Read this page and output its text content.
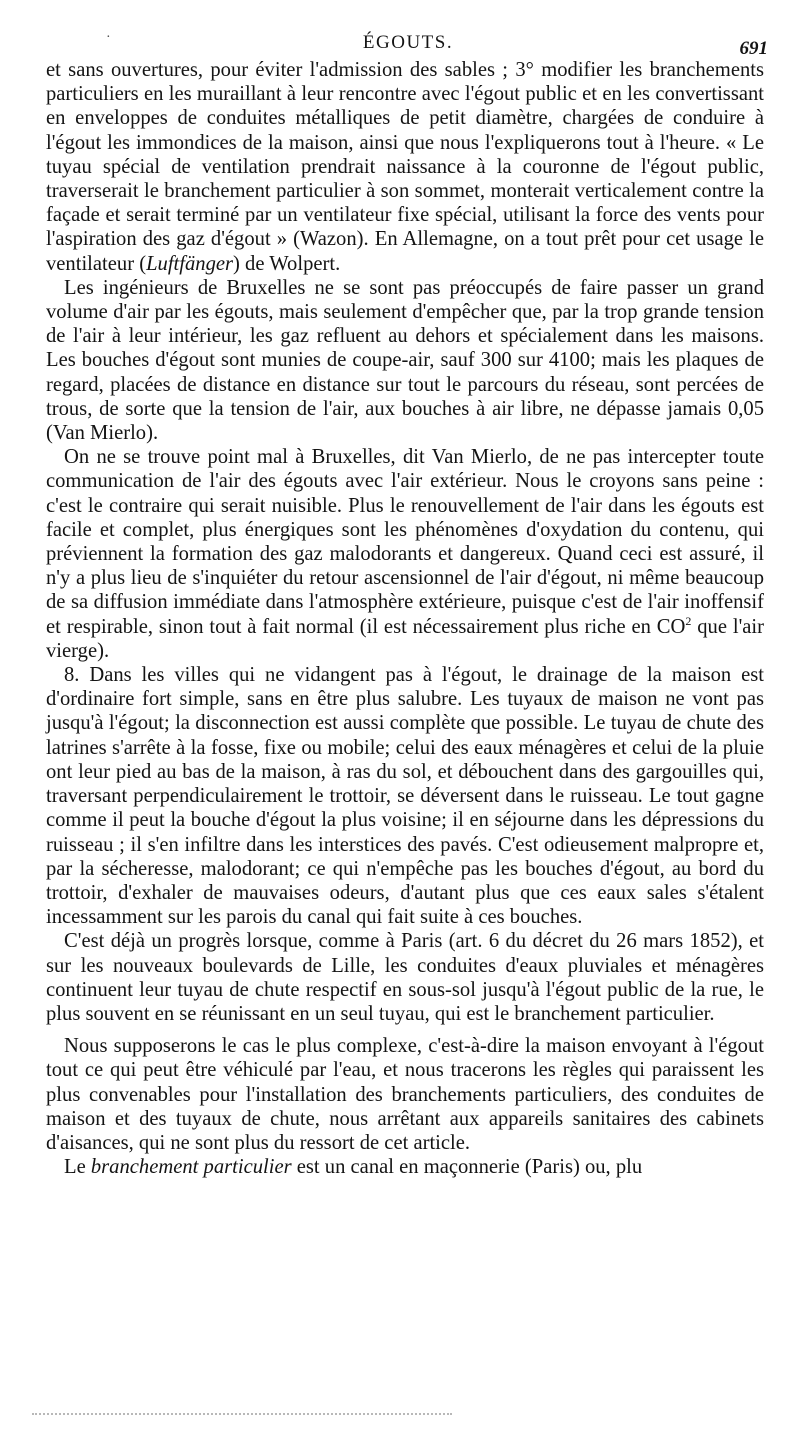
·	ÉGOUTS.	691

et sans ouvertures, pour éviter l'admission des sables ; 3° modifier les branchements particuliers en les muraillant à leur rencontre avec l'égout public et en les convertissant en enveloppes de conduites métalliques de petit diamètre, chargées de conduire à l'égout les immondices de la maison, ainsi que nous l'expliquerons tout à l'heure. « Le tuyau spécial de ventilation prendrait naissance à la couronne de l'égout public, traverserait le branchement particulier à son sommet, monterait verticalement contre la façade et serait terminé par un ventilateur fixe spécial, utilisant la force des vents pour l'aspiration des gaz d'égout » (Wazon). En Allemagne, on a tout prêt pour cet usage le ventilateur (Luftfänger) de Wolpert.

Les ingénieurs de Bruxelles ne se sont pas préoccupés de faire passer un grand volume d'air par les égouts, mais seulement d'empêcher que, par la trop grande tension de l'air à leur intérieur, les gaz refluent au dehors et spécialement dans les maisons. Les bouches d'égout sont munies de coupe-air, sauf 300 sur 4100; mais les plaques de regard, placées de distance en distance sur tout le parcours du réseau, sont percées de trous, de sorte que la tension de l'air, aux bouches à air libre, ne dépasse jamais 0,05 (Van Mierlo).

On ne se trouve point mal à Bruxelles, dit Van Mierlo, de ne pas intercepter toute communication de l'air des égouts avec l'air extérieur. Nous le croyons sans peine : c'est le contraire qui serait nuisible. Plus le renouvellement de l'air dans les égouts est facile et complet, plus énergiques sont les phénomènes d'oxydation du contenu, qui préviennent la formation des gaz malodorants et dangereux. Quand ceci est assuré, il n'y a plus lieu de s'inquiéter du retour ascensionnel de l'air d'égout, ni même beaucoup de sa diffusion immédiate dans l'atmosphère extérieure, puisque c'est de l'air inoffensif et respirable, sinon tout à fait normal (il est nécessairement plus riche en $CO^2$ que l'air vierge).

8. Dans les villes qui ne vidangent pas à l'égout, le drainage de la maison est d'ordinaire fort simple, sans en être plus salubre. Les tuyaux de maison ne vont pas jusqu'à l'égout; la disconnection est aussi complète que possible. Le tuyau de chute des latrines s'arrête à la fosse, fixe ou mobile; celui des eaux ménagères et celui de la pluie ont leur pied au bas de la maison, à ras du sol, et débouchent dans des gargouilles qui, traversant perpendiculairement le trottoir, se déversent dans le ruisseau. Le tout gagne comme il peut la bouche d'égout la plus voisine; il en séjourne dans les dépressions du ruisseau ; il s'en infiltre dans les interstices des pavés. C'est odieusement malpropre et, par la sécheresse, malodorant; ce qui n'empêche pas les bouches d'égout, au bord du trottoir, d'exhaler de mauvaises odeurs, d'autant plus que ces eaux sales s'étalent incessamment sur les parois du canal qui fait suite à ces bouches.

C'est déjà un progrès lorsque, comme à Paris (art. 6 du décret du 26 mars 1852), et sur les nouveaux boulevards de Lille, les conduites d'eaux pluviales et ménagères continuent leur tuyau de chute respectif en sous-sol jusqu'à l'égout public de la rue, le plus souvent en se réunissant en un seul tuyau, qui est le branchement particulier.

Nous supposerons le cas le plus complexe, c'est-à-dire la maison envoyant à l'égout tout ce qui peut être véhiculé par l'eau, et nous tracerons les règles qui paraissent les plus convenables pour l'installation des branchements particuliers, des conduites de maison et des tuyaux de chute, nous arrêtant aux appareils sanitaires des cabinets d'aisances, qui ne sont plus du ressort de cet article.

Le branchement particulier est un canal en maçonnerie (Paris) ou, plu
